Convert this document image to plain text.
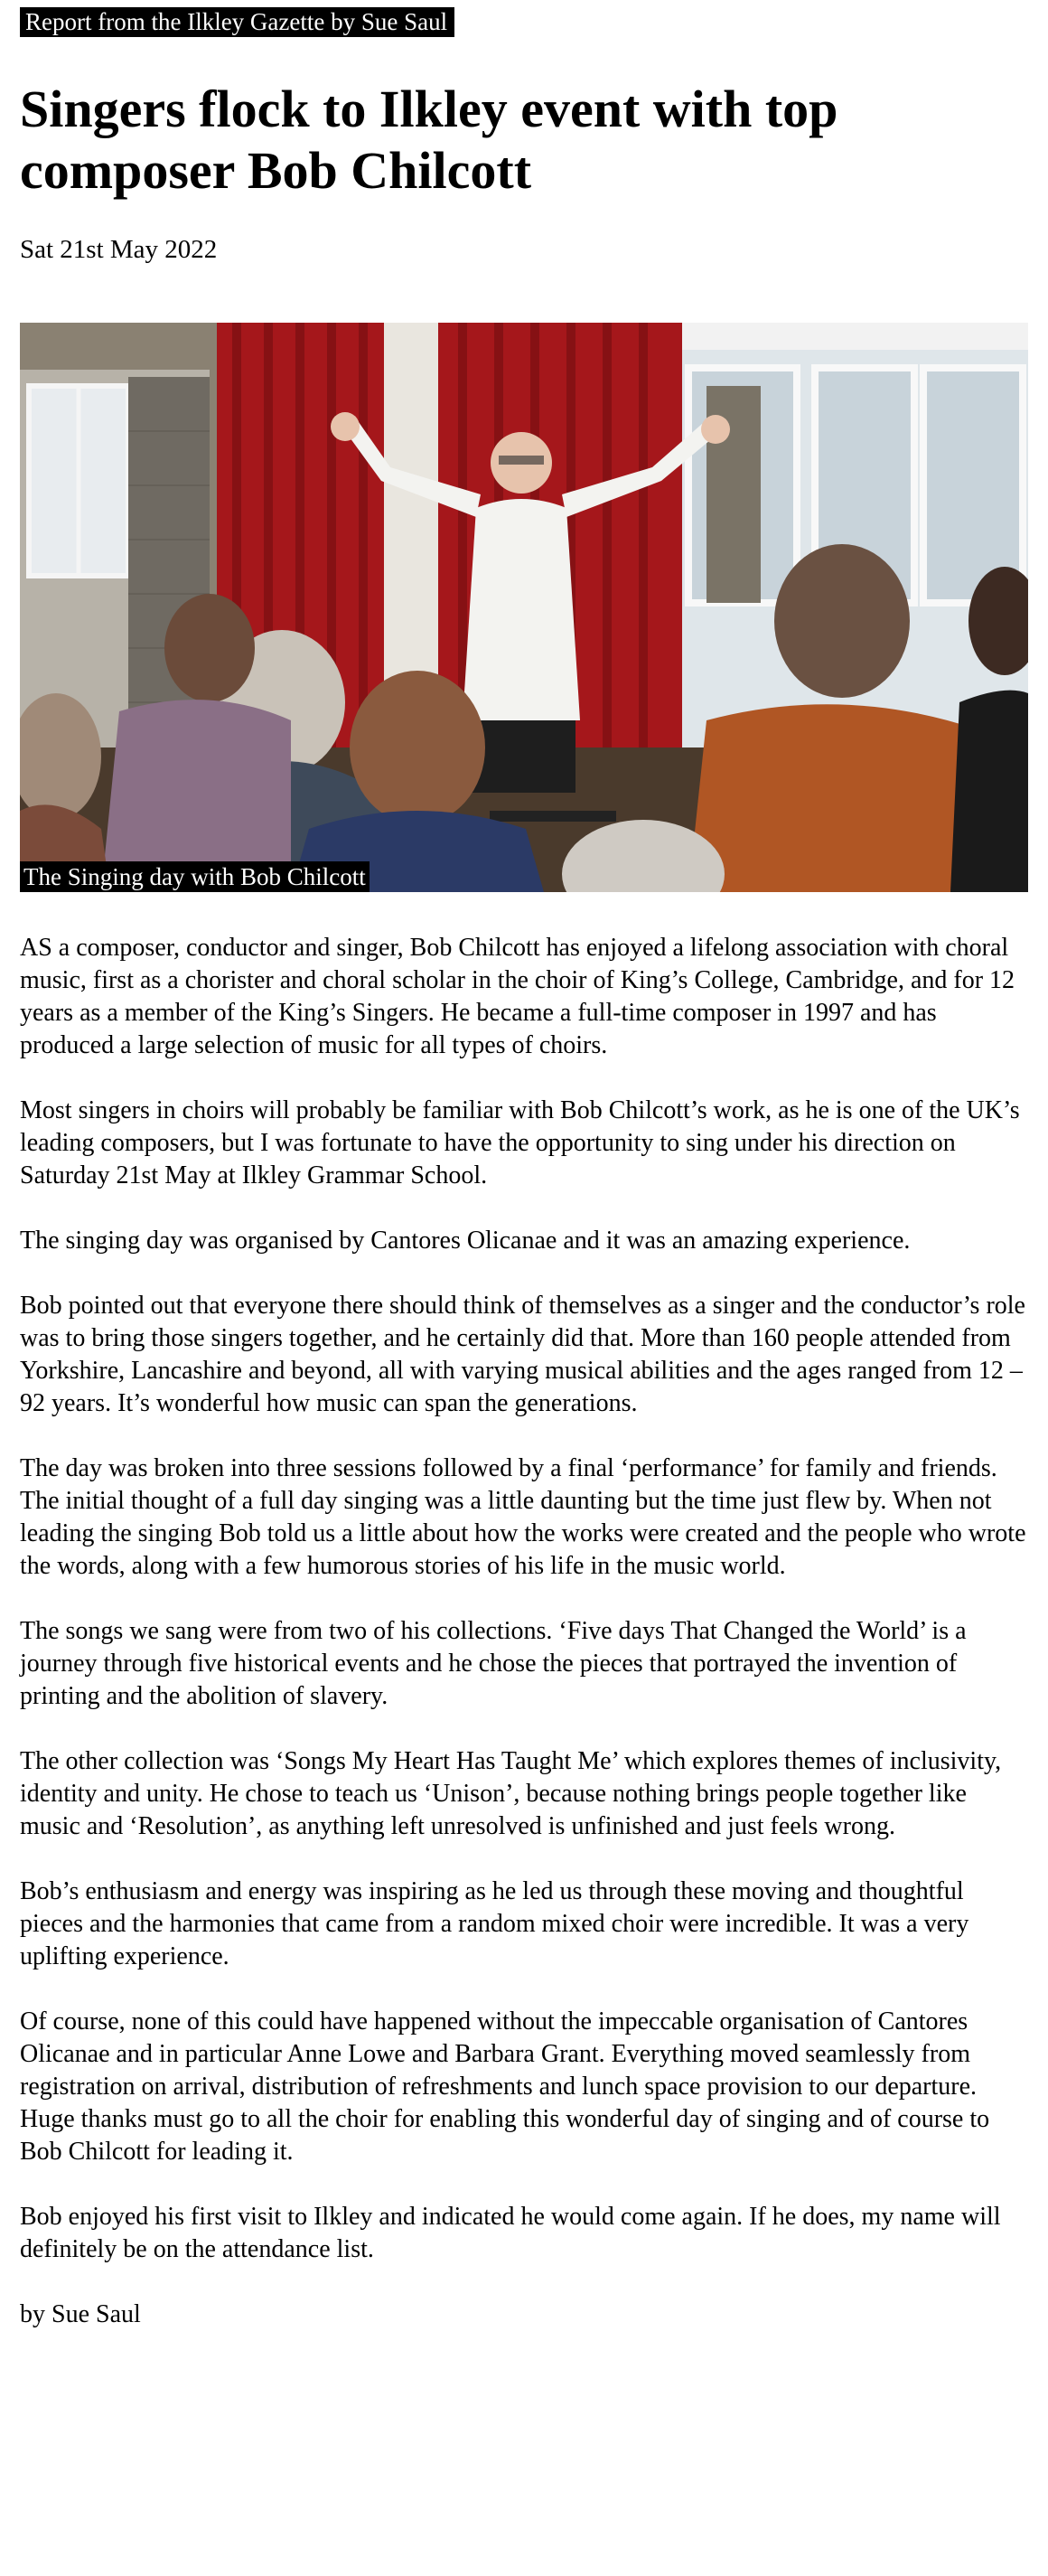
Report from the Ilkley Gazette by Sue Saul
Singers flock to Ilkley event with top composer Bob Chilcott
Sat 21st May 2022
The Singing day with Bob Chilcott

AS a composer, conductor and singer, Bob Chilcott has enjoyed a lifelong association with choral music, first as a chorister and choral scholar in the choir of King’s College, Cambridge, and for 12 years as a member of the King’s Singers. He became a full-time composer in 1997 and has produced a large selection of music for all types of choirs.

Most singers in choirs will probably be familiar with Bob Chilcott’s work, as he is one of the UK’s leading composers, but I was fortunate to have the opportunity to sing under his direction on Saturday 21st May at Ilkley Grammar School.

The singing day was organised by Cantores Olicanae and it was an amazing experience.

Bob pointed out that everyone there should think of themselves as a singer and the conductor’s role was to bring those singers together, and he certainly did that. More than 160 people attended from Yorkshire, Lancashire and beyond, all with varying musical abilities and the ages ranged from 12 – 92 years. It’s wonderful how music can span the generations.

The day was broken into three sessions followed by a final ‘performance’ for family and friends. The initial thought of a full day singing was a little daunting but the time just flew by. When not leading the singing Bob told us a little about how the works were created and the people who wrote the words, along with a few humorous stories of his life in the music world.

The songs we sang were from two of his collections. ‘Five days That Changed the World’ is a journey through five historical events and he chose the pieces that portrayed the invention of printing and the abolition of slavery.

The other collection was ‘Songs My Heart Has Taught Me’ which explores themes of inclusivity, identity and unity. He chose to teach us ‘Unison’, because nothing brings people together like music and ‘Resolution’, as anything left unresolved is unfinished and just feels wrong.

Bob’s enthusiasm and energy was inspiring as he led us through these moving and thoughtful pieces and the harmonies that came from a random mixed choir were incredible. It was a very uplifting experience.

Of course, none of this could have happened without the impeccable organisation of Cantores Olicanae and in particular Anne Lowe and Barbara Grant. Everything moved seamlessly from registration on arrival, distribution of refreshments and lunch space provision to our departure. Huge thanks must go to all the choir for enabling this wonderful day of singing and of course to Bob Chilcott for leading it.

Bob enjoyed his first visit to Ilkley and indicated he would come again. If he does, my name will definitely be on the attendance list.

by Sue Saul
